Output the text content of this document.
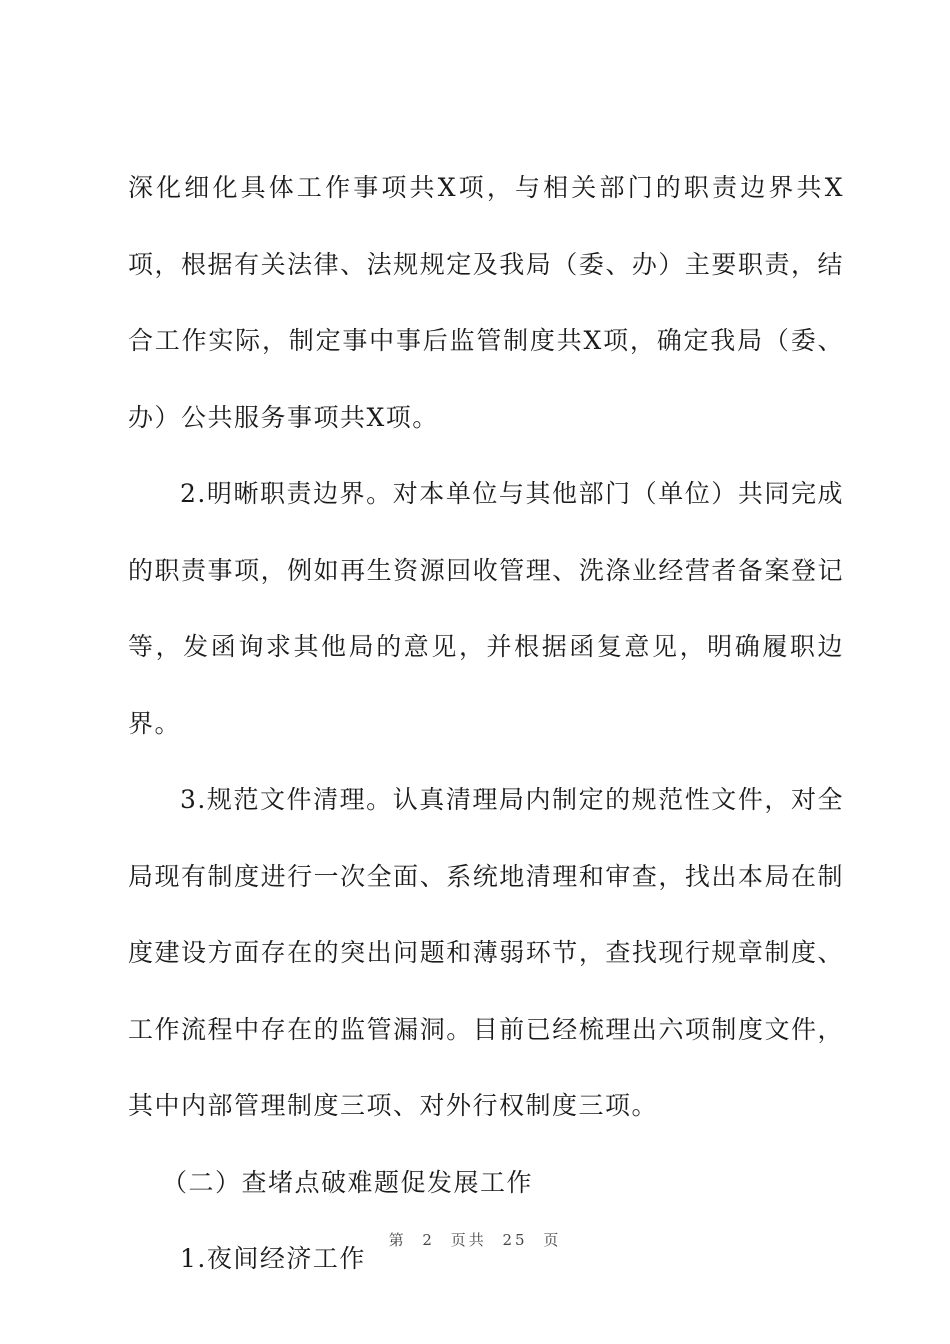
深化细化具体工作事项共X项，与相关部门的职责边界共X项，根据有关法律、法规规定及我局（委、办）主要职责，结合工作实际，制定事中事后监管制度共X项，确定我局（委、办）公共服务事项共X项。

2.明晰职责边界。对本单位与其他部门（单位）共同完成的职责事项，例如再生资源回收管理、洗涤业经营者备案登记等，发函询求其他局的意见，并根据函复意见，明确履职边界。

3.规范文件清理。认真清理局内制定的规范性文件，对全局现有制度进行一次全面、系统地清理和审查，找出本局在制度建设方面存在的突出问题和薄弱环节，查找现行规章制度、工作流程中存在的监管漏洞。目前已经梳理出六项制度文件，其中内部管理制度三项、对外行权制度三项。

（二）查堵点破难题促发展工作

1.夜间经济工作

第 2 页共 25 页
